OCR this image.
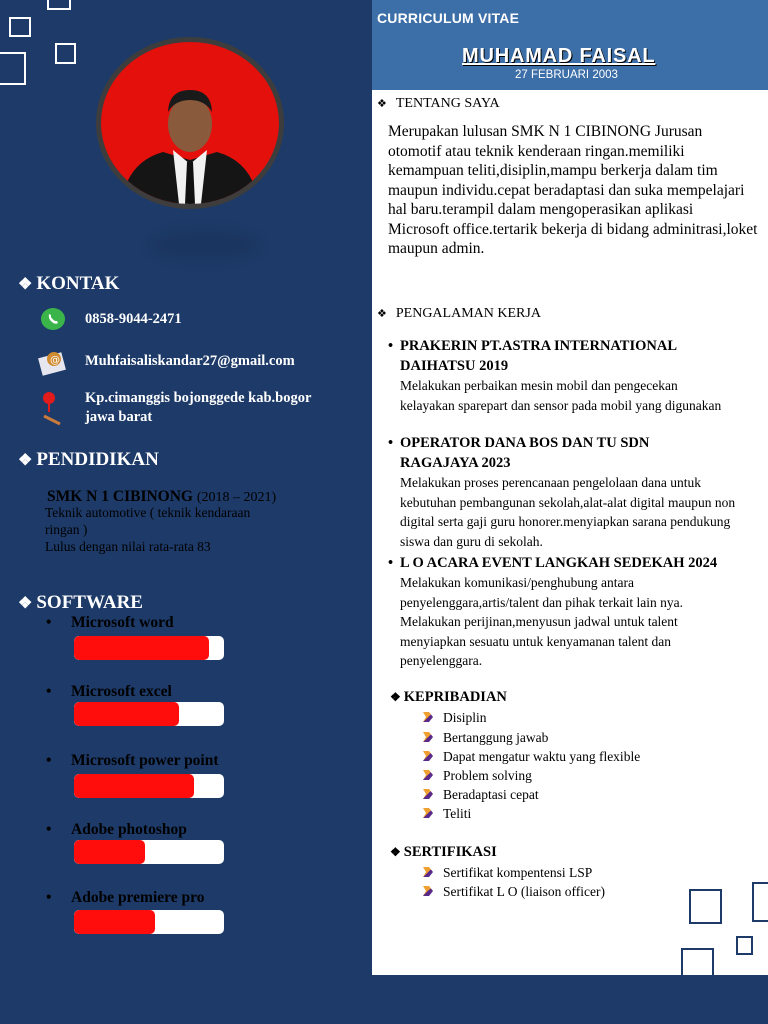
❖ KONTAK
0858-9044-2471
@ Muhfaisaliskandar27@gmail.com
Kp.cimanggis bojonggede kab.bogor
jawa barat
❖ PENDIDIKAN
SMK N 1 CIBINONG (2018 – 2021)
Teknik automotive ( teknik kendaraan
ringan )
Lulus dengan nilai rata-rata 83
❖ SOFTWARE
• Microsoft word
• Microsoft excel
• Microsoft power point
• Adobe photoshop
• Adobe premiere pro
CURRICULUM VITAE
MUHAMAD FAISAL
27 FEBRUARI 2003
❖ TENTANG SAYA
Merupakan lulusan SMK N 1 CIBINONG Jurusan otomotif atau teknik kenderaan ringan.memiliki kemampuan teliti,disiplin,mampu berkerja dalam tim maupun individu.cepat beradaptasi dan suka mempelajari hal baru.terampil dalam mengoperasikan aplikasi Microsoft office.tertarik bekerja di bidang adminitrasi,loket maupun admin.
❖ PENGALAMAN KERJA
• PRAKERIN PT.ASTRA INTERNATIONAL
DAIHATSU 2019
Melakukan perbaikan mesin mobil dan pengecekan kelayakan sparepart dan sensor pada mobil yang digunakan
• OPERATOR DANA BOS DAN TU SDN
RAGAJAYA 2023
Melakukan proses perencanaan pengelolaan dana untuk kebutuhan pembangunan sekolah,alat-alat digital maupun non digital serta gaji guru honorer.menyiapkan sarana pendukung siswa dan guru di sekolah.
• L O ACARA EVENT LANGKAH SEDEKAH 2024
Melakukan komunikasi/penghubung antara penyelenggara,artis/talent dan pihak terkait lain nya. Melakukan perijinan,menyusun jadwal untuk talent menyiapkan sesuatu untuk kenyamanan talent dan penyelenggara.
❖ KEPRIBADIAN
Disiplin
Bertanggung jawab
Dapat mengatur waktu yang flexible
Problem solving
Beradaptasi cepat
Teliti
❖ SERTIFIKASI
Sertifikat kompentensi LSP
Sertifikat L O (liaison officer)
